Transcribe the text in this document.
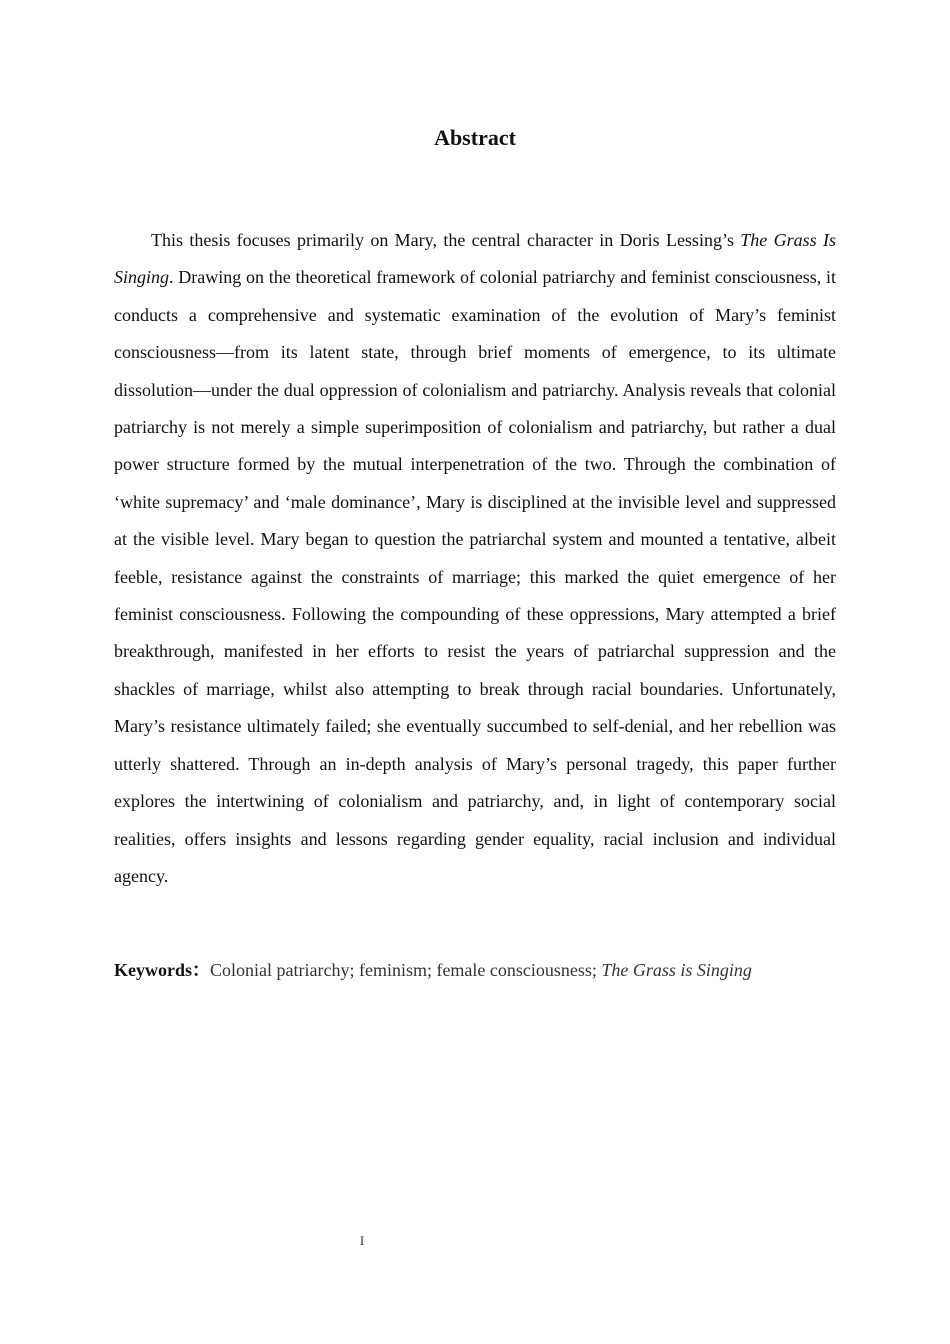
Abstract

This thesis focuses primarily on Mary, the central character in Doris Lessing’s The Grass Is Singing. Drawing on the theoretical framework of colonial patriarchy and feminist consciousness, it conducts a comprehensive and systematic examination of the evolution of Mary’s feminist consciousness—from its latent state, through brief moments of emergence, to its ultimate dissolution—under the dual oppression of colonialism and patriarchy. Analysis reveals that colonial patriarchy is not merely a simple superimposition of colonialism and patriarchy, but rather a dual power structure formed by the mutual interpenetration of the two. Through the combination of ‘white supremacy’ and ‘male dominance’, Mary is disciplined at the invisible level and suppressed at the visible level. Mary began to question the patriarchal system and mounted a tentative, albeit feeble, resistance against the constraints of marriage; this marked the quiet emergence of her feminist consciousness. Following the compounding of these oppressions, Mary attempted a brief breakthrough, manifested in her efforts to resist the years of patriarchal suppression and the shackles of marriage, whilst also attempting to break through racial boundaries. Unfortunately, Mary’s resistance ultimately failed; she eventually succumbed to self-denial, and her rebellion was utterly shattered. Through an in-depth analysis of Mary’s personal tragedy, this paper further explores the intertwining of colonialism and patriarchy, and, in light of contemporary social realities, offers insights and lessons regarding gender equality, racial inclusion and individual agency.

Keywords：Colonial patriarchy; feminism; female consciousness; The Grass is Singing

I
